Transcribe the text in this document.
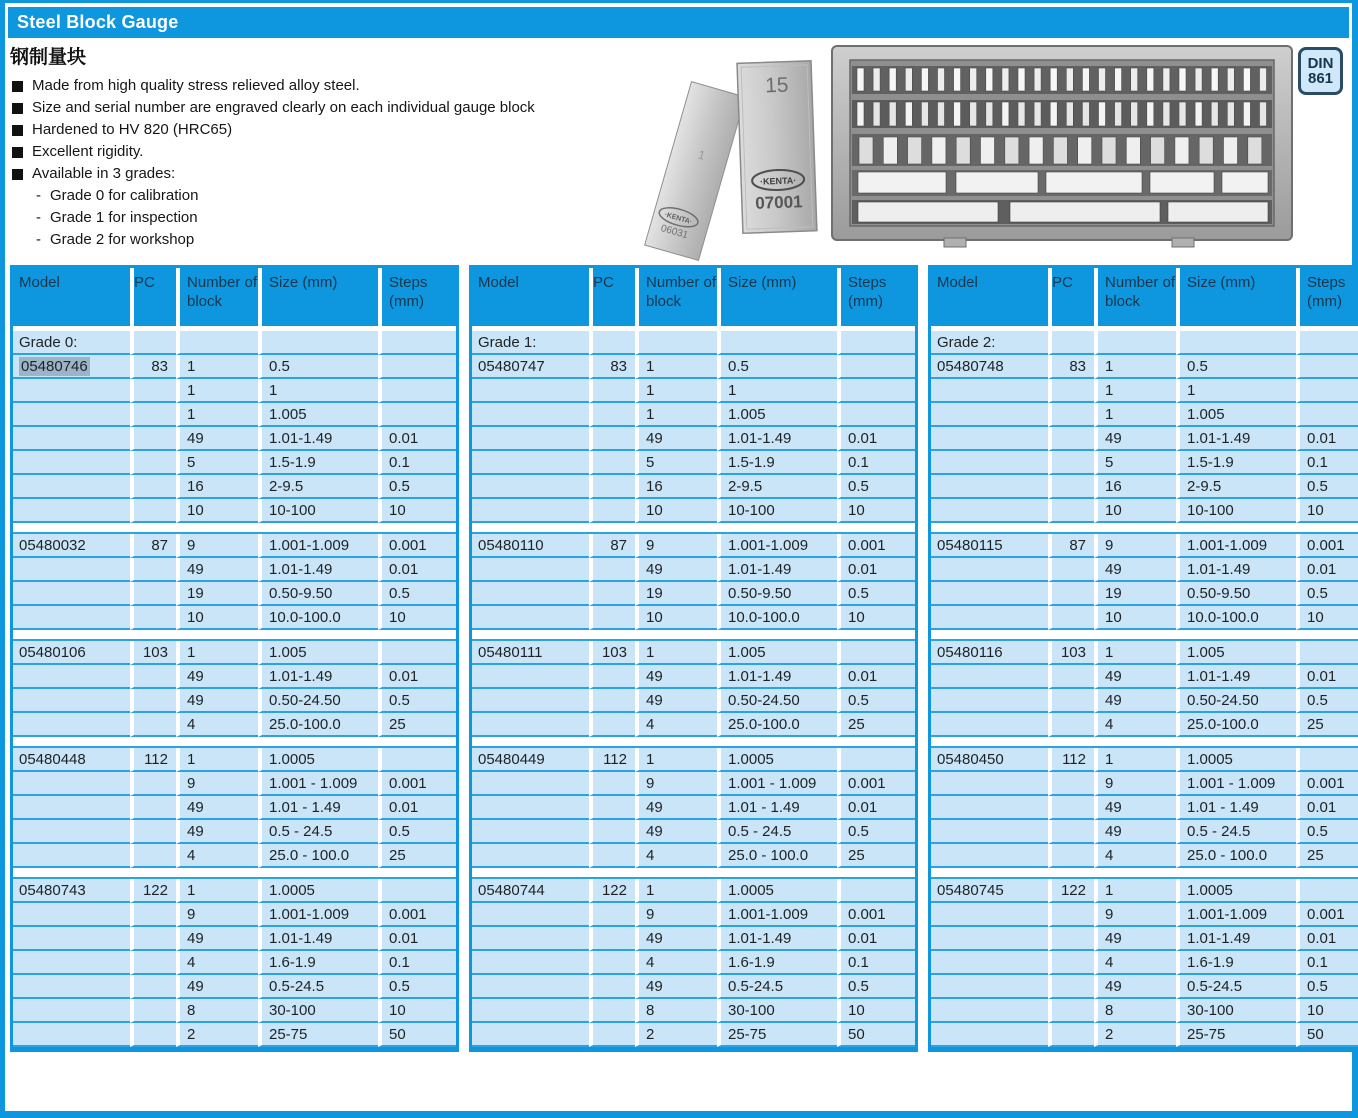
Steel Block Gauge
钢制量块
Made from high quality stress relieved alloy steel.
Size and serial number are engraved clearly on each individual gauge block
Hardened to HV 820 (HRC65)
Excellent rigidity.
Available in 3 grades:
- Grade 0 for calibration
- Grade 1 for inspection
- Grade 2 for workshop
1
·KENTA·
06031
15
·KENTA·
07001
DIN
861
Model	PC	Number of block	Size (mm)	Steps (mm)

Grade 0:				
05480746	83	1	0.5	
		1	1	
		1	1.005	
		49	1.01-1.49	0.01
		5	1.5-1.9	0.1
		16	2-9.5	0.5
		10	10-100	10

05480032	87	9	1.001-1.009	0.001
		49	1.01-1.49	0.01
		19	0.50-9.50	0.5
		10	10.0-100.0	10

05480106	103	1	1.005	
		49	1.01-1.49	0.01
		49	0.50-24.50	0.5
		4	25.0-100.0	25

05480448	112	1	1.0005	
		9	1.001 - 1.009	0.001
		49	1.01 - 1.49	0.01
		49	0.5 - 24.5	0.5
		4	25.0 - 100.0	25

05480743	122	1	1.0005	
		9	1.001-1.009	0.001
		49	1.01-1.49	0.01
		4	1.6-1.9	0.1
		49	0.5-24.5	0.5
		8	30-100	10
		2	25-75	50
Model	PC	Number of block	Size (mm)	Steps (mm)

Grade 1:				
05480747	83	1	0.5	
		1	1	
		1	1.005	
		49	1.01-1.49	0.01
		5	1.5-1.9	0.1
		16	2-9.5	0.5
		10	10-100	10

05480110	87	9	1.001-1.009	0.001
		49	1.01-1.49	0.01
		19	0.50-9.50	0.5
		10	10.0-100.0	10

05480111	103	1	1.005	
		49	1.01-1.49	0.01
		49	0.50-24.50	0.5
		4	25.0-100.0	25

05480449	112	1	1.0005	
		9	1.001 - 1.009	0.001
		49	1.01 - 1.49	0.01
		49	0.5 - 24.5	0.5
		4	25.0 - 100.0	25

05480744	122	1	1.0005	
		9	1.001-1.009	0.001
		49	1.01-1.49	0.01
		4	1.6-1.9	0.1
		49	0.5-24.5	0.5
		8	30-100	10
		2	25-75	50
Model	PC	Number of block	Size (mm)	Steps (mm)

Grade 2:				
05480748	83	1	0.5	
		1	1	
		1	1.005	
		49	1.01-1.49	0.01
		5	1.5-1.9	0.1
		16	2-9.5	0.5
		10	10-100	10

05480115	87	9	1.001-1.009	0.001
		49	1.01-1.49	0.01
		19	0.50-9.50	0.5
		10	10.0-100.0	10

05480116	103	1	1.005	
		49	1.01-1.49	0.01
		49	0.50-24.50	0.5
		4	25.0-100.0	25

05480450	112	1	1.0005	
		9	1.001 - 1.009	0.001
		49	1.01 - 1.49	0.01
		49	0.5 - 24.5	0.5
		4	25.0 - 100.0	25

05480745	122	1	1.0005	
		9	1.001-1.009	0.001
		49	1.01-1.49	0.01
		4	1.6-1.9	0.1
		49	0.5-24.5	0.5
		8	30-100	10
		2	25-75	50
